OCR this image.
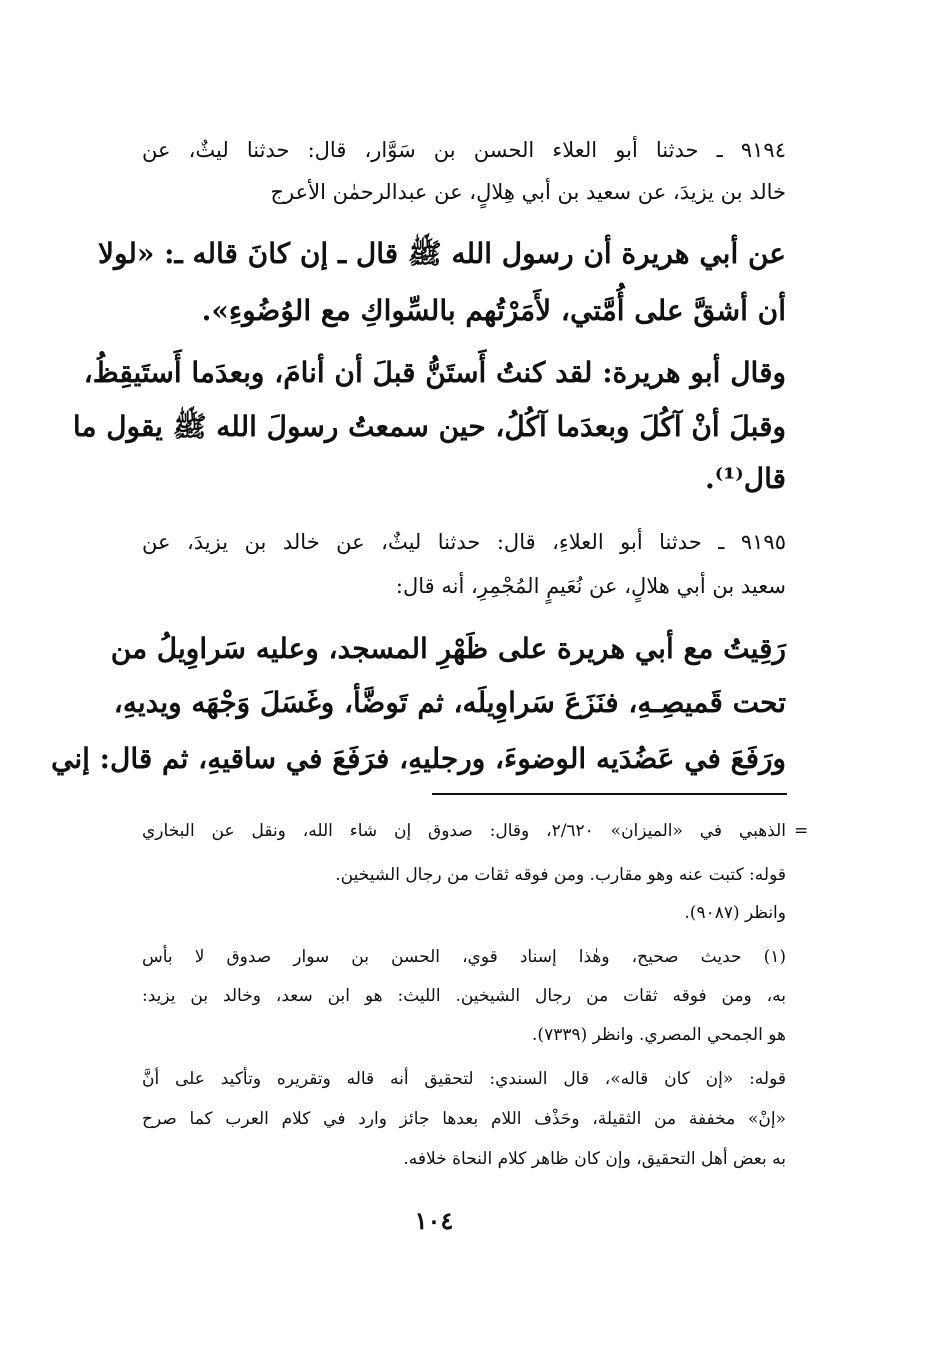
٩١٩٤ ـ حدثنا أبو العلاء الحسن بن سَوَّار، قال: حدثنا ليثٌ، عن
خالد بن يزيدَ، عن سعيد بن أبي هِلالٍ، عن عبدالرحمٰن الأعرج
عن أبي هريرة أن رسول الله ﷺ قال ـ إن كانَ قاله ـ: «لولا
أن أشقَّ على أُمَّتي، لأَمَرْتُهم بالسِّواكِ مع الوُضُوءِ».
وقال أبو هريرة: لقد كنتُ أَستَنُّ قبلَ أن أنامَ، وبعدَما أَستَيقِظُ،
وقبلَ أنْ آكُلَ وبعدَما آكُلُ، حين سمعتُ رسولَ الله ﷺ يقول ما
قال⁽¹⁾.
٩١٩٥ ـ حدثنا أبو العلاءِ، قال: حدثنا ليثٌ، عن خالد بن يزيدَ، عن
سعيد بن أبي هلالٍ، عن نُعَيمٍ المُجْمِرِ، أنه قال:
رَقِيتُ مع أبي هريرة على ظَهْرِ المسجد، وعليه سَراوِيلُ من
تحت قَميصِـهِ، فنَزَعَ سَراوِيلَه، ثم تَوضَّأ، وغَسَلَ وَجْهَه ويديهِ،
ورَفَعَ في عَضُدَيه الوضوءَ، ورجليهِ، فرَفَعَ في ساقيهِ، ثم قال: إني
=
الذهبي في «الميزان» ٢/٦٢٠، وقال: صدوق إن شاء الله، ونقل عن البخاري
قوله: كتبت عنه وهو مقارب. ومن فوقه ثقات من رجال الشيخين.
وانظر (٩٠٨٧).
(١) حديث صحيح، وهٰذا إسناد قوي، الحسن بن سوار صدوق لا بأس
به، ومن فوقه ثقات من رجال الشيخين. الليث: هو ابن سعد، وخالد بن يزيد:
هو الجمحي المصري. وانظر (٧٣٣٩).
قوله: «إن كان قاله»، قال السندي: لتحقيق أنه قاله وتقريره وتأكيد على أنَّ
«إنْ» مخففة من الثقيلة، وحَذْف اللام بعدها جائز وارد في كلام العرب كما صرح
به بعض أهل التحقيق، وإن كان ظاهر كلام النحاة خلافه.
١٠٤
